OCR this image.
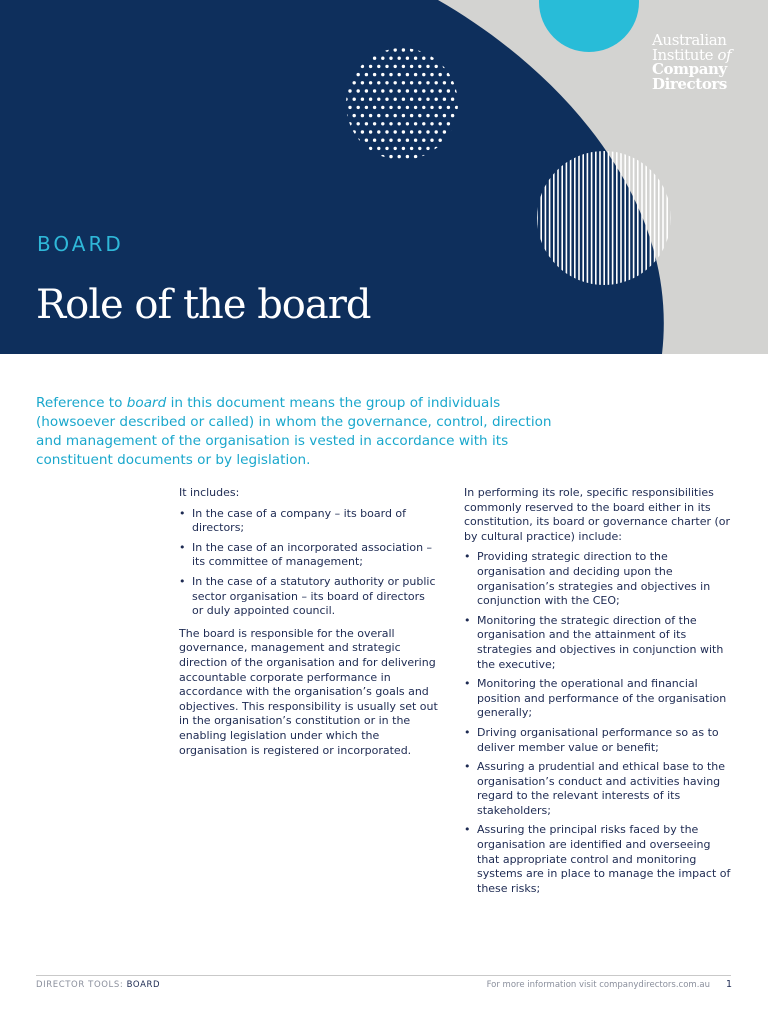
Australian
Institute of
Company
Directors
BOARD
Role of the board

Reference to board in this document means the group of individuals (howsoever described or called) in whom the governance, control, direction and management of the organisation is vested in accordance with its constituent documents or by legislation.

It includes:

• In the case of a company – its board of directors;
• In the case of an incorporated association – its committee of management;
• In the case of a statutory authority or public sector organisation – its board of directors or duly appointed council.

The board is responsible for the overall governance, management and strategic direction of the organisation and for delivering accountable corporate performance in accordance with the organisation’s goals and objectives. This responsibility is usually set out in the organisation’s constitution or in the enabling legislation under which the organisation is registered or incorporated.

In performing its role, specific responsibilities commonly reserved to the board either in its constitution, its board or governance charter (or by cultural practice) include:

• Providing strategic direction to the organisation and deciding upon the organisation’s strategies and objectives in conjunction with the CEO;
• Monitoring the strategic direction of the organisation and the attainment of its strategies and objectives in conjunction with the executive;
• Monitoring the operational and financial position and performance of the organisation generally;
• Driving organisational performance so as to deliver member value or benefit;
• Assuring a prudential and ethical base to the organisation’s conduct and activities having regard to the relevant interests of its stakeholders;
• Assuring the principal risks faced by the organisation are identified and overseeing that appropriate control and monitoring systems are in place to manage the impact of these risks;
DIRECTOR TOOLS: BOARD	For more information visit companydirectors.com.au 1
